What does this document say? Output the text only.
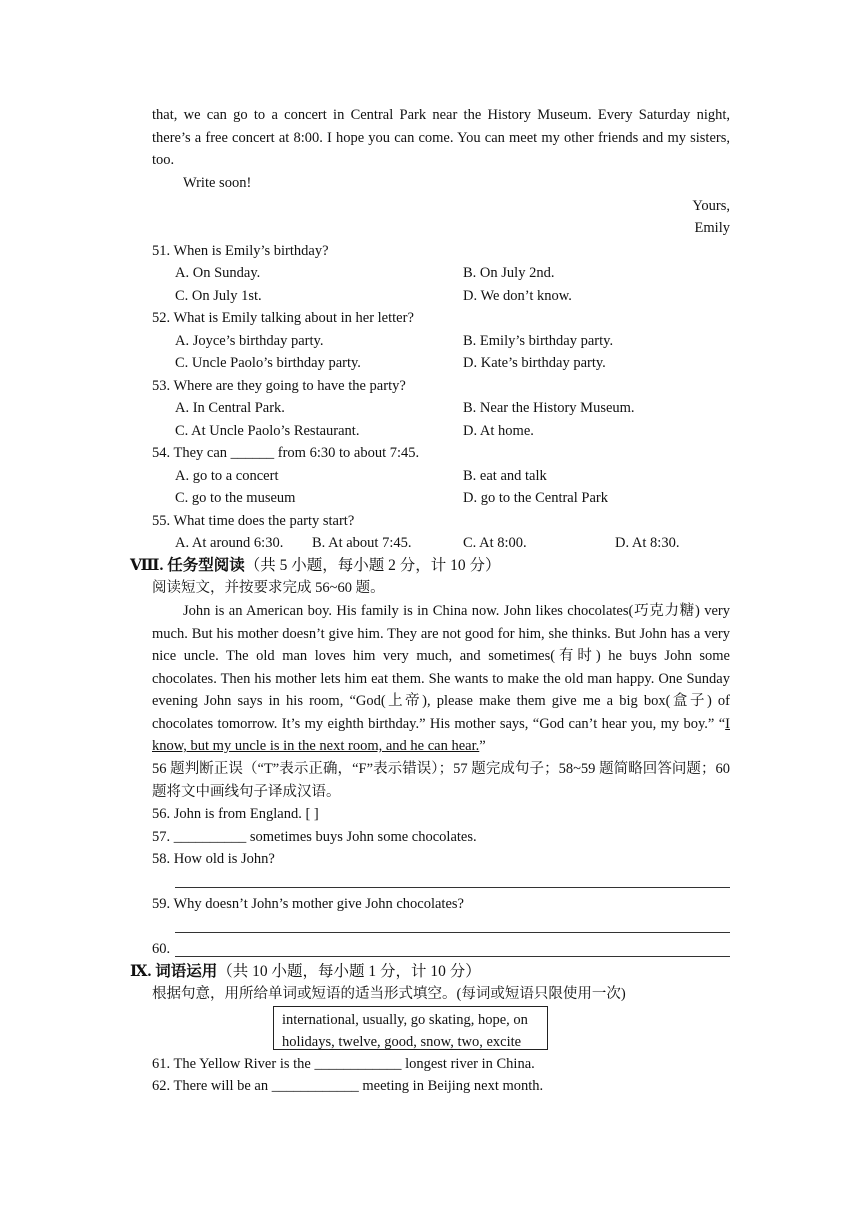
that, we can go to a concert in Central Park near the History Museum. Every Saturday night, there’s a free concert at 8:00. I hope you can come. You can meet my other friends and my sisters, too.
Write soon!
Yours,
Emily
51. When is Emily’s birthday?
A. On Sunday.	B. On July 2nd.
C. On July 1st.	D. We don’t know.
52. What is Emily talking about in her letter?
A. Joyce’s birthday party.	B. Emily’s birthday party.
C. Uncle Paolo’s birthday party.	D. Kate’s birthday party.
53. Where are they going to have the party?
A. In Central Park.	B. Near the History Museum.
C. At Uncle Paolo’s Restaurant.	D. At home.
54. They can ______ from 6:30 to about 7:45.
A. go to a concert	B. eat and talk
C. go to the museum	D. go to the Central Park
55. What time does the party start?
A. At around 6:30. B. At about 7:45.	C. At 8:00.	D. At 8:30.
Ⅷ. 任务型阅读（共 5 小题，每小题 2 分，计 10 分）
阅读短文，并按要求完成 56~60 题。
John is an American boy. His family is in China now. John likes chocolates(巧克力糖) very much. But his mother doesn’t give him. They are not good for him, she thinks. But John has a very nice uncle. The old man loves him very much, and sometimes(有时) he buys John some chocolates. Then his mother lets him eat them. She wants to make the old man happy. One Sunday evening John says in his room, “God(上帝), please make them give me a big box(盒子) of chocolates tomorrow. It’s my eighth birthday.” His mother says, “God can’t hear you, my boy.” “I know, but my uncle is in the next room, and he can hear.”
56 题判断正误（“T”表示正确，“F”表示错误）；57 题完成句子；58~59 题简略回答问题；60 题将文中画线句子译成汉语。
56. John is from England. [ ]
57. __________ sometimes buys John some chocolates.
58. How old is John?
59. Why doesn’t John’s mother give John chocolates?
60.
Ⅸ. 词语运用（共 10 小题，每小题 1 分，计 10 分）
根据句意，用所给单词或短语的适当形式填空。(每词或短语只限使用一次)
international, usually, go skating, hope, on
holidays, twelve, good, snow, two, excite
61. The Yellow River is the ____________ longest river in China.
62. There will be an ____________ meeting in Beijing next month.
